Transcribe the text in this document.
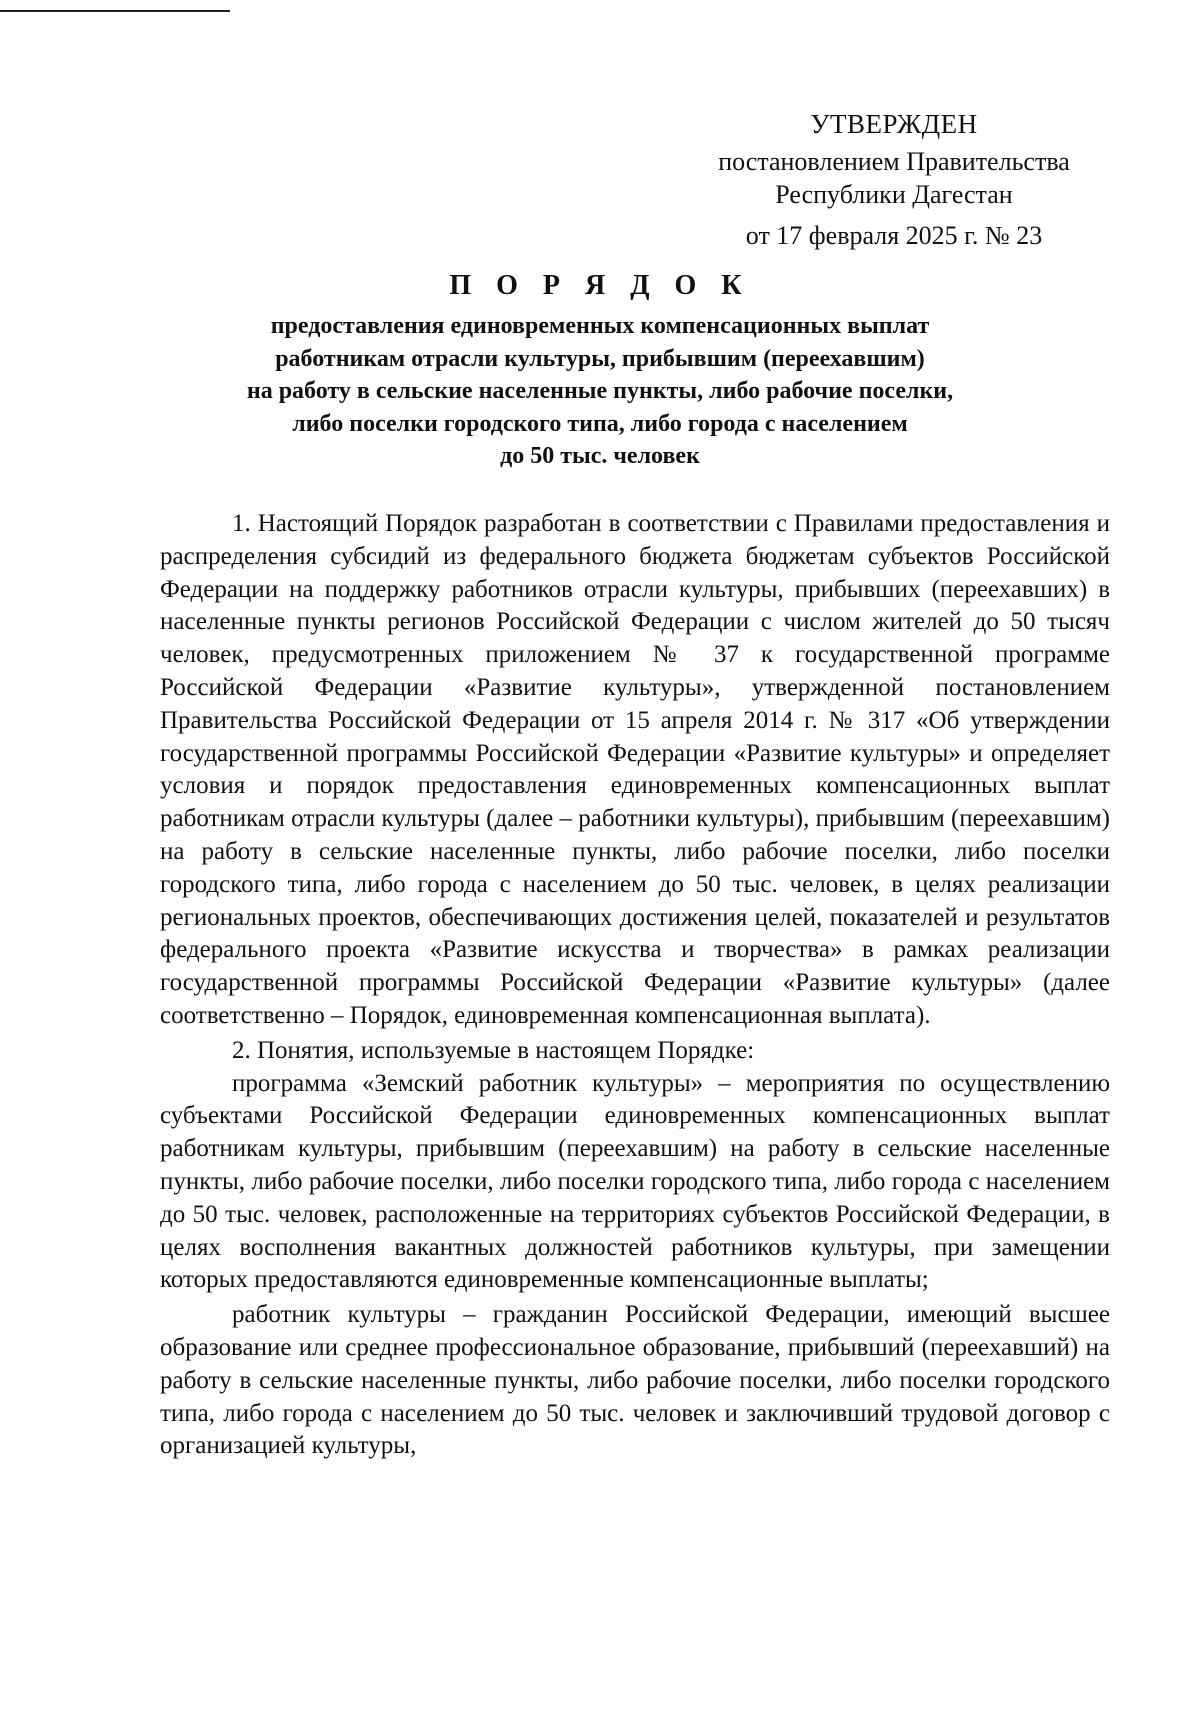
УТВЕРЖДЕН
постановлением Правительства
Республики Дагестан
от 17 февраля 2025 г. № 23
П О Р Я Д О К
предоставления единовременных компенсационных выплат
работникам отрасли культуры, прибывшим (переехавшим)
на работу в сельские населенные пункты, либо рабочие поселки,
либо поселки городского типа, либо города с населением
до 50 тыс. человек

1. Настоящий Порядок разработан в соответствии с Правилами предоставления и распределения субсидий из федерального бюджета бюджетам субъектов Российской Федерации на поддержку работников отрасли культуры, прибывших (переехавших) в населенные пункты регионов Российской Федерации с числом жителей до 50 тысяч человек, предусмотренных приложением № 37 к государственной программе Российской Федерации «Развитие культуры», утвержденной постановлением Правительства Российской Федерации от 15 апреля 2014 г. № 317 «Об утверждении государственной программы Российской Федерации «Развитие культуры» и определяет условия и порядок предоставления единовременных компенсационных выплат работникам отрасли культуры (далее – работники культуры), прибывшим (переехавшим) на работу в сельские населенные пункты, либо рабочие поселки, либо поселки городского типа, либо города с населением до 50 тыс. человек, в целях реализации региональных проектов, обеспечивающих достижения целей, показателей и результатов федерального проекта «Развитие искусства и творчества» в рамках реализации государственной программы Российской Федерации «Развитие культуры» (далее соответственно – Порядок, единовременная компенсационная выплата).

2. Понятия, используемые в настоящем Порядке:

программа «Земский работник культуры» – мероприятия по осуществлению субъектами Российской Федерации единовременных компенсационных выплат работникам культуры, прибывшим (переехавшим) на работу в сельские населенные пункты, либо рабочие поселки, либо поселки городского типа, либо города с населением до 50 тыс. человек, расположенные на территориях субъектов Российской Федерации, в целях восполнения вакантных должностей работников культуры, при замещении которых предоставляются единовременные компенсационные выплаты;

работник культуры – гражданин Российской Федерации, имеющий высшее образование или среднее профессиональное образование, прибывший (переехавший) на работу в сельские населенные пункты, либо рабочие поселки, либо поселки городского типа, либо города с населением до 50 тыс. человек и заключивший трудовой договор с организацией культуры,
